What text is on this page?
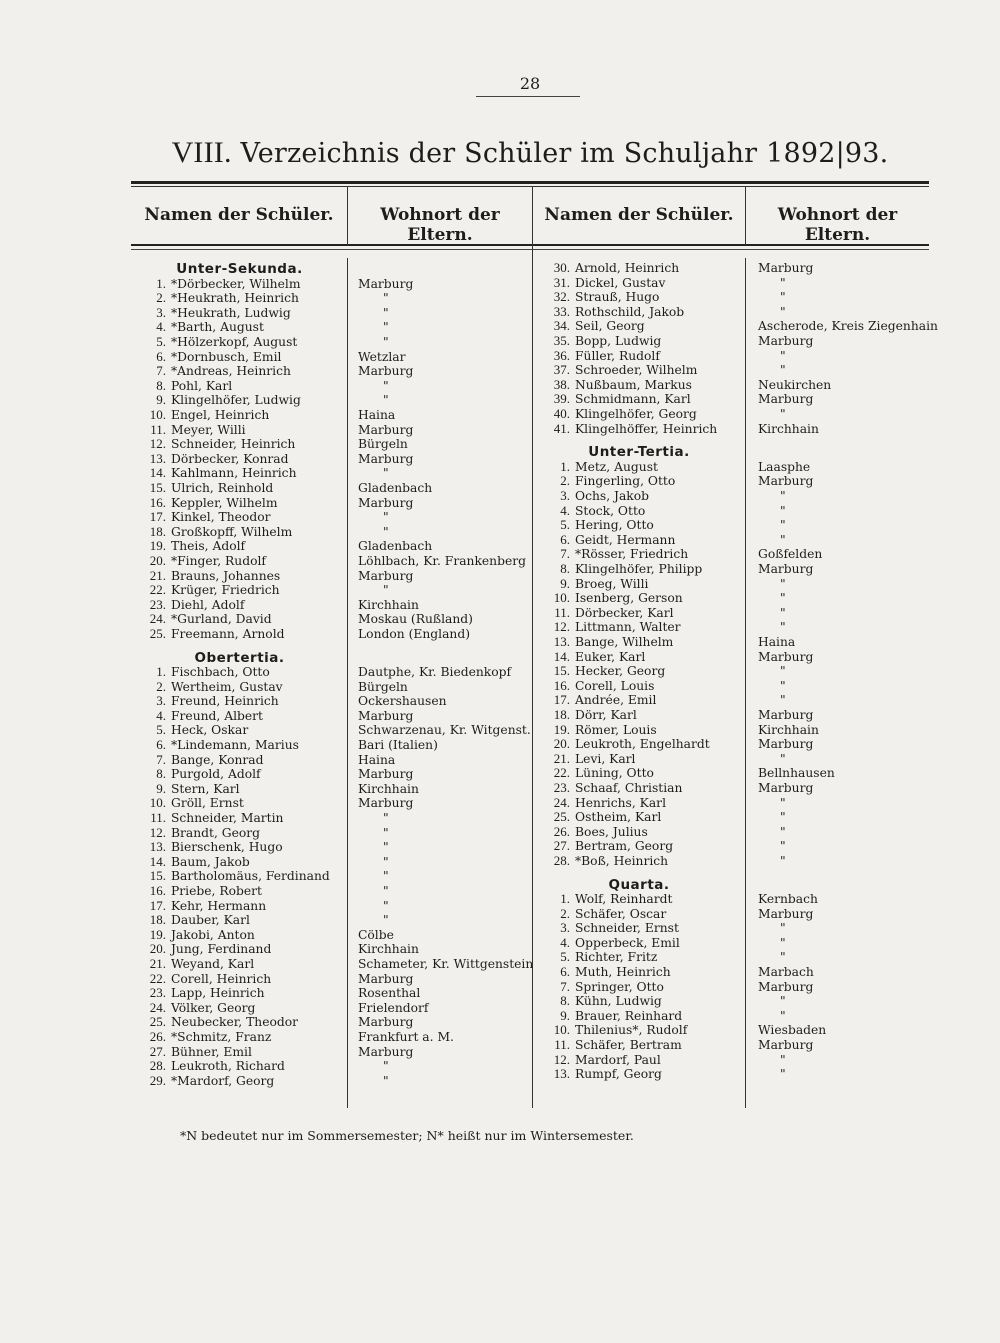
28
VIII. Verzeichnis der Schüler im Schuljahr 1892|93.
Namen der Schüler.	Wohnort der Eltern.
Namen der Schüler.	Wohnort der Eltern.
Unter-Sekunda.
1. *Dörbecker, Wilhelm	Marburg
2. *Heukrath, Heinrich	"
3. *Heukrath, Ludwig	"
4. *Barth, August	"
5. *Hölzerkopf, August	"
6. *Dornbusch, Emil	Wetzlar
7. *Andreas, Heinrich	Marburg
8. Pohl, Karl	"
9. Klingelhöfer, Ludwig	"
10. Engel, Heinrich	Haina
11. Meyer, Willi	Marburg
12. Schneider, Heinrich	Bürgeln
13. Dörbecker, Konrad	Marburg
14. Kahlmann, Heinrich	"
15. Ulrich, Reinhold	Gladenbach
16. Keppler, Wilhelm	Marburg
17. Kinkel, Theodor	"
18. Großkopff, Wilhelm	"
19. Theis, Adolf	Gladenbach
20. *Finger, Rudolf	Löhlbach, Kr. Frankenberg
21. Brauns, Johannes	Marburg
22. Krüger, Friedrich	"
23. Diehl, Adolf	Kirchhain
24. *Gurland, David	Moskau (Rußland)
25. Freemann, Arnold	London (England)
Obertertia.
1. Fischbach, Otto	Dautphe, Kr. Biedenkopf
2. Wertheim, Gustav	Bürgeln
3. Freund, Heinrich	Ockershausen
4. Freund, Albert	Marburg
5. Heck, Oskar	Schwarzenau, Kr. Witgenst.
6. *Lindemann, Marius	Bari (Italien)
7. Bange, Konrad	Haina
8. Purgold, Adolf	Marburg
9. Stern, Karl	Kirchhain
10. Gröll, Ernst	Marburg
11. Schneider, Martin	"
12. Brandt, Georg	"
13. Bierschenk, Hugo	"
14. Baum, Jakob	"
15. Bartholomäus, Ferdinand	"
16. Priebe, Robert	"
17. Kehr, Hermann	"
18. Dauber, Karl	"
19. Jakobi, Anton	Cölbe
20. Jung, Ferdinand	Kirchhain
21. Weyand, Karl	Schameter, Kr. Wittgenstein
22. Corell, Heinrich	Marburg
23. Lapp, Heinrich	Rosenthal
24. Völker, Georg	Frielendorf
25. Neubecker, Theodor	Marburg
26. *Schmitz, Franz	Frankfurt a. M.
27. Bühner, Emil	Marburg
28. Leukroth, Richard	"
29. *Mardorf, Georg	"
30. Arnold, Heinrich	Marburg
31. Dickel, Gustav	"
32. Strauß, Hugo	"
33. Rothschild, Jakob	"
34. Seil, Georg	Ascherode, Kreis Ziegenhain
35. Bopp, Ludwig	Marburg
36. Füller, Rudolf	"
37. Schroeder, Wilhelm	"
38. Nußbaum, Markus	Neukirchen
39. Schmidmann, Karl	Marburg
40. Klingelhöfer, Georg	"
41. Klingelhöffer, Heinrich	Kirchhain
Unter-Tertia.
1. Metz, August	Laasphe
2. Fingerling, Otto	Marburg
3. Ochs, Jakob	"
4. Stock, Otto	"
5. Hering, Otto	"
6. Geidt, Hermann	"
7. *Rösser, Friedrich	Goßfelden
8. Klingelhöfer, Philipp	Marburg
9. Broeg, Willi	"
10. Isenberg, Gerson	"
11. Dörbecker, Karl	"
12. Littmann, Walter	"
13. Bange, Wilhelm	Haina
14. Euker, Karl	Marburg
15. Hecker, Georg	"
16. Corell, Louis	"
17. Andrée, Emil	"
18. Dörr, Karl	Marburg
19. Römer, Louis	Kirchhain
20. Leukroth, Engelhardt	Marburg
21. Levi, Karl	"
22. Lüning, Otto	Bellnhausen
23. Schaaf, Christian	Marburg
24. Henrichs, Karl	"
25. Ostheim, Karl	"
26. Boes, Julius	"
27. Bertram, Georg	"
28. *Boß, Heinrich	"
Quarta.
1. Wolf, Reinhardt	Kernbach
2. Schäfer, Oscar	Marburg
3. Schneider, Ernst	"
4. Opperbeck, Emil	"
5. Richter, Fritz	"
6. Muth, Heinrich	Marbach
7. Springer, Otto	Marburg
8. Kühn, Ludwig	"
9. Brauer, Reinhard	"
10. Thilenius*, Rudolf	Wiesbaden
11. Schäfer, Bertram	Marburg
12. Mardorf, Paul	"
13. Rumpf, Georg	"
*N bedeutet nur im Sommersemester; N* heißt nur im Wintersemester.
